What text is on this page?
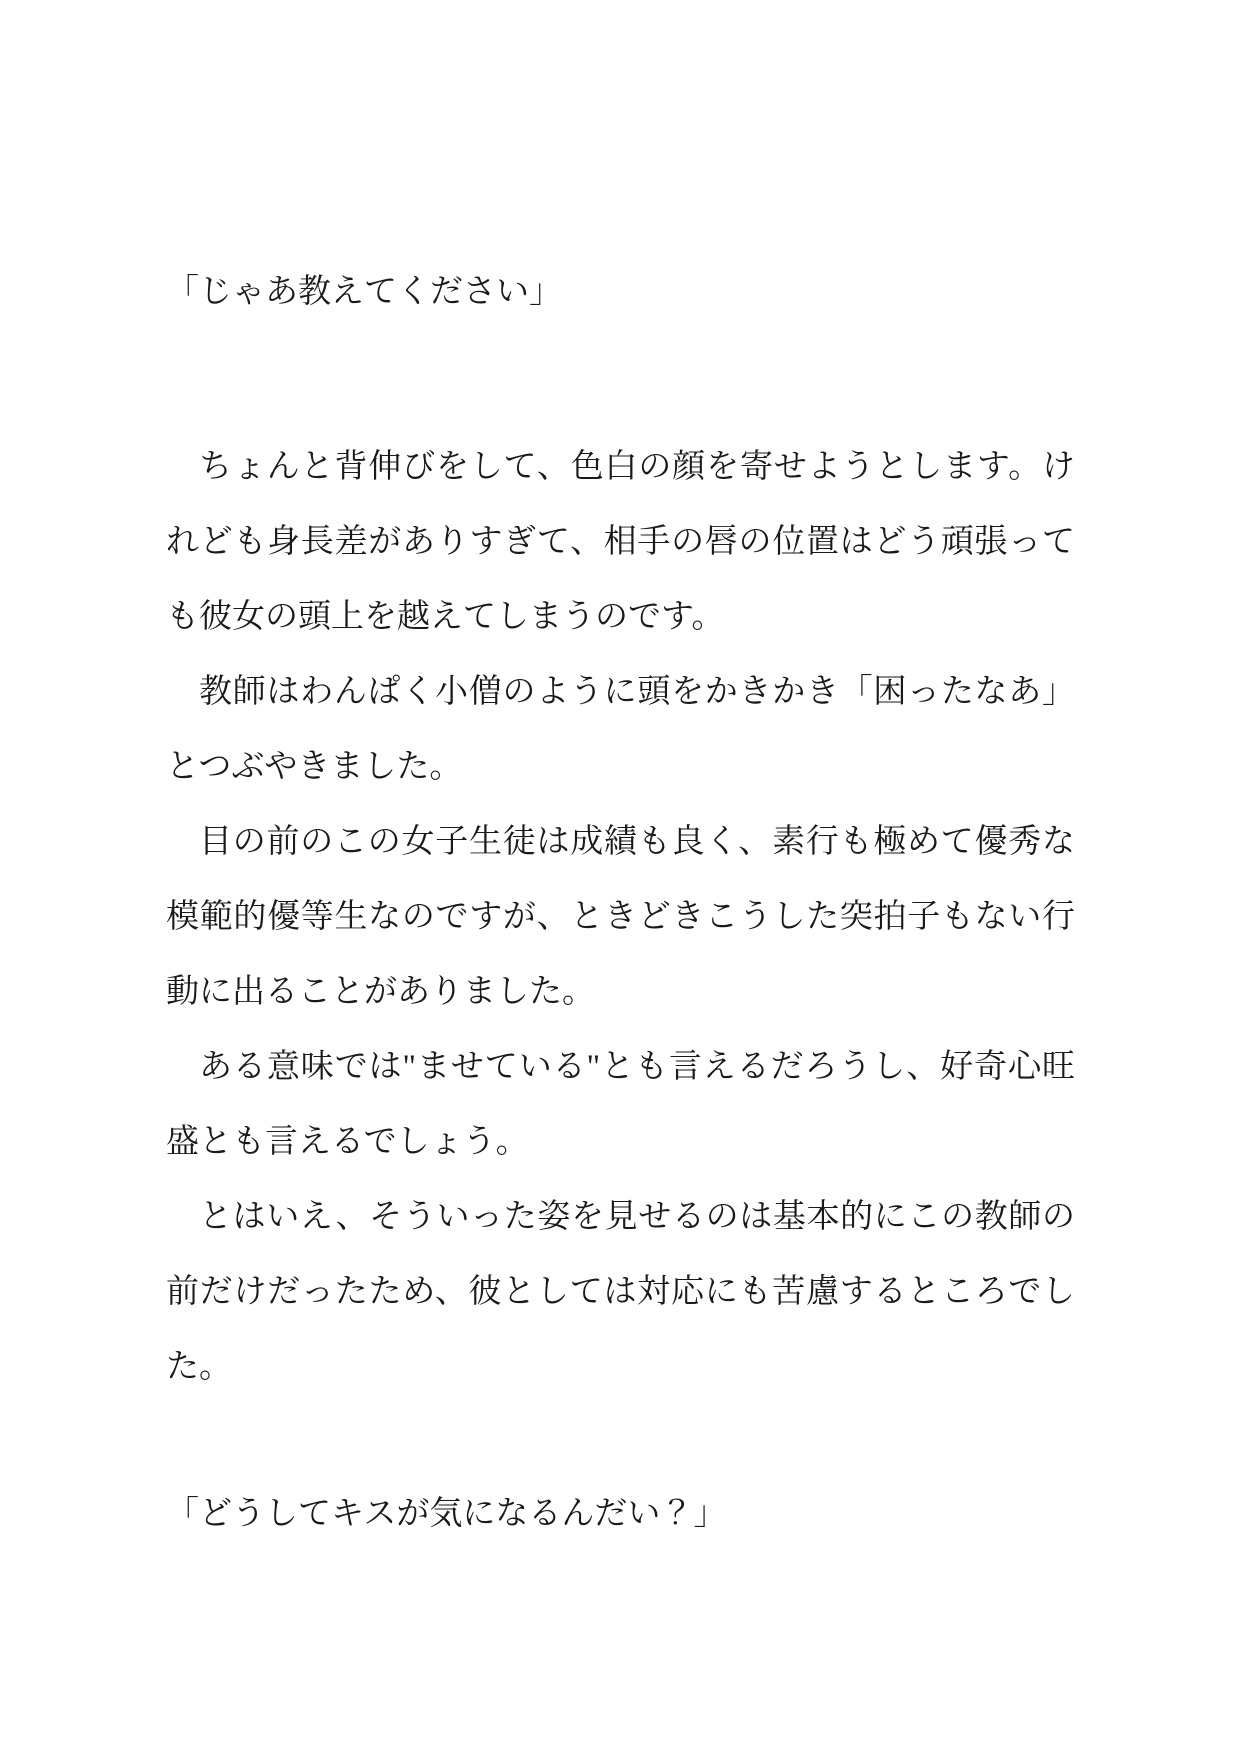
「じゃあ教えてください」
ちょんと背伸びをして、色白の顔を寄せようとします。け
れども身長差がありすぎて、相手の唇の位置はどう頑張って
も彼女の頭上を越えてしまうのです。
教師はわんぱく小僧のように頭をかきかき「困ったなあ」
とつぶやきました。
目の前のこの女子生徒は成績も良く、素行も極めて優秀な
模範的優等生なのですが、ときどきこうした突拍子もない行
動に出ることがありました。
ある意味では"ませている"とも言えるだろうし、好奇心旺
盛とも言えるでしょう。
とはいえ、そういった姿を見せるのは基本的にこの教師の
前だけだったため、彼としては対応にも苦慮するところでし
た。
「どうしてキスが気になるんだい？」
